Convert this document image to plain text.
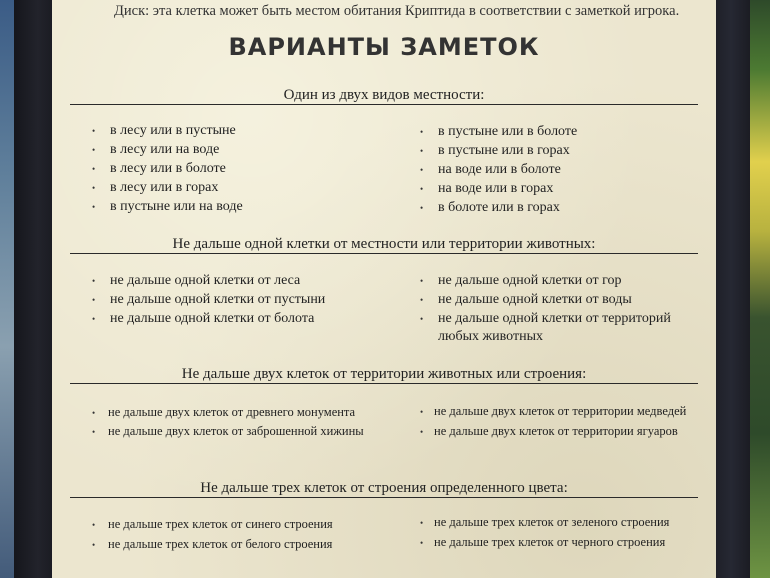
Диск: эта клетка может быть местом обитания Криптида в соответствии с заметкой игрока.
ВАРИАНТЫ ЗАМЕТОК
Один из двух видов местности:
• в лесу или в пустыне
• в лесу или на воде
• в лесу или в болоте
• в лесу или в горах
• в пустыне или на воде
• в пустыне или в болоте
• в пустыне или в горах
• на воде или в болоте
• на воде или в горах
• в болоте или в горах
Не дальше одной клетки от местности или территории животных:
• не дальше одной клетки от леса
• не дальше одной клетки от пустыни
• не дальше одной клетки от болота
• не дальше одной клетки от гор
• не дальше одной клетки от воды
• не дальше одной клетки от территорий
любых животных
Не дальше двух клеток от территории животных или строения:
• не дальше двух клеток от древнего монумента
• не дальше двух клеток от заброшенной хижины
• не дальше двух клеток от территории медведей
• не дальше двух клеток от территории ягуаров
Не дальше трех клеток от строения определенного цвета:
• не дальше трех клеток от синего строения
• не дальше трех клеток от белого строения
• не дальше трех клеток от зеленого строения
• не дальше трех клеток от черного строения
